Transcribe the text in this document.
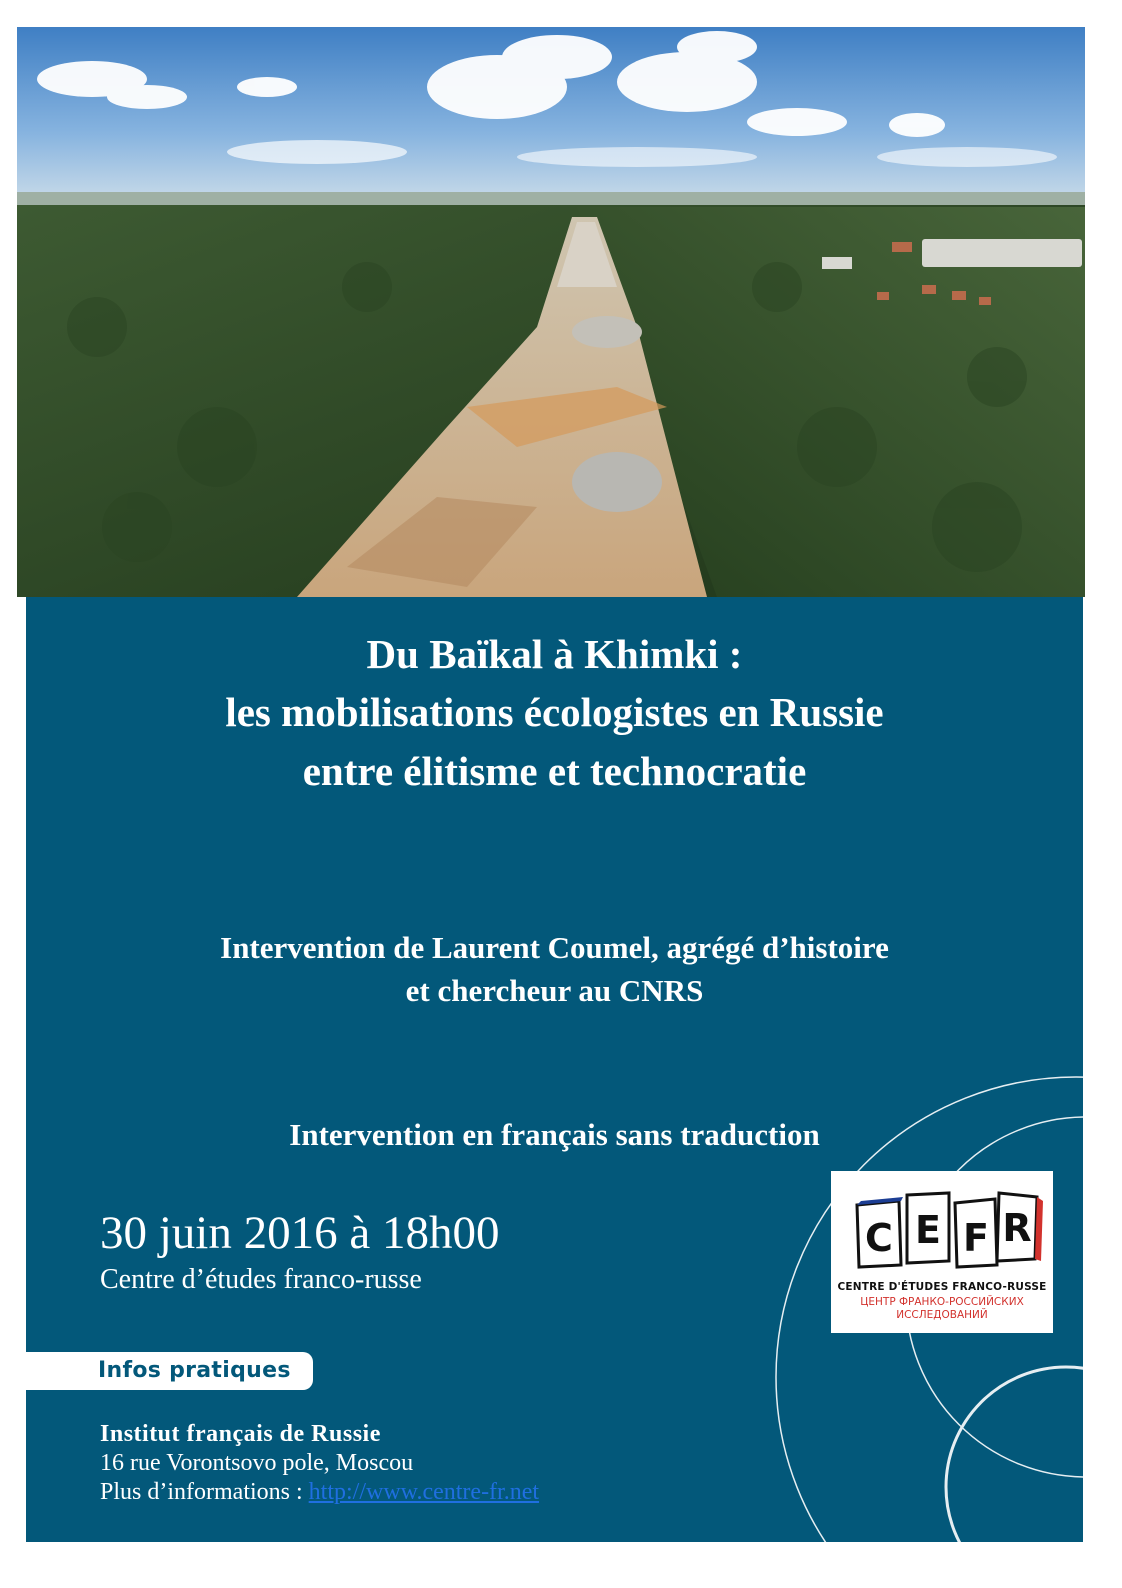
Du Baïkal à Khimki :

les mobilisations écologistes en Russie

entre élitisme et technocratie

Intervention de Laurent Coumel, agrégé d’histoire

et chercheur au CNRS

Intervention en français sans traduction

30 juin 2016 à 18h00
Centre d’études franco-russe
C E F R
CENTRE D'ÉTUDES FRANCO-RUSSE
ЦЕНТР ФРАНКО-РОССИЙСКИХ
ИССЛЕДОВАНИЙ
Infos pratiques
Institut français de Russie
16 rue Vorontsovo pole, Moscou
Plus d’informations : http://www.centre-fr.net
